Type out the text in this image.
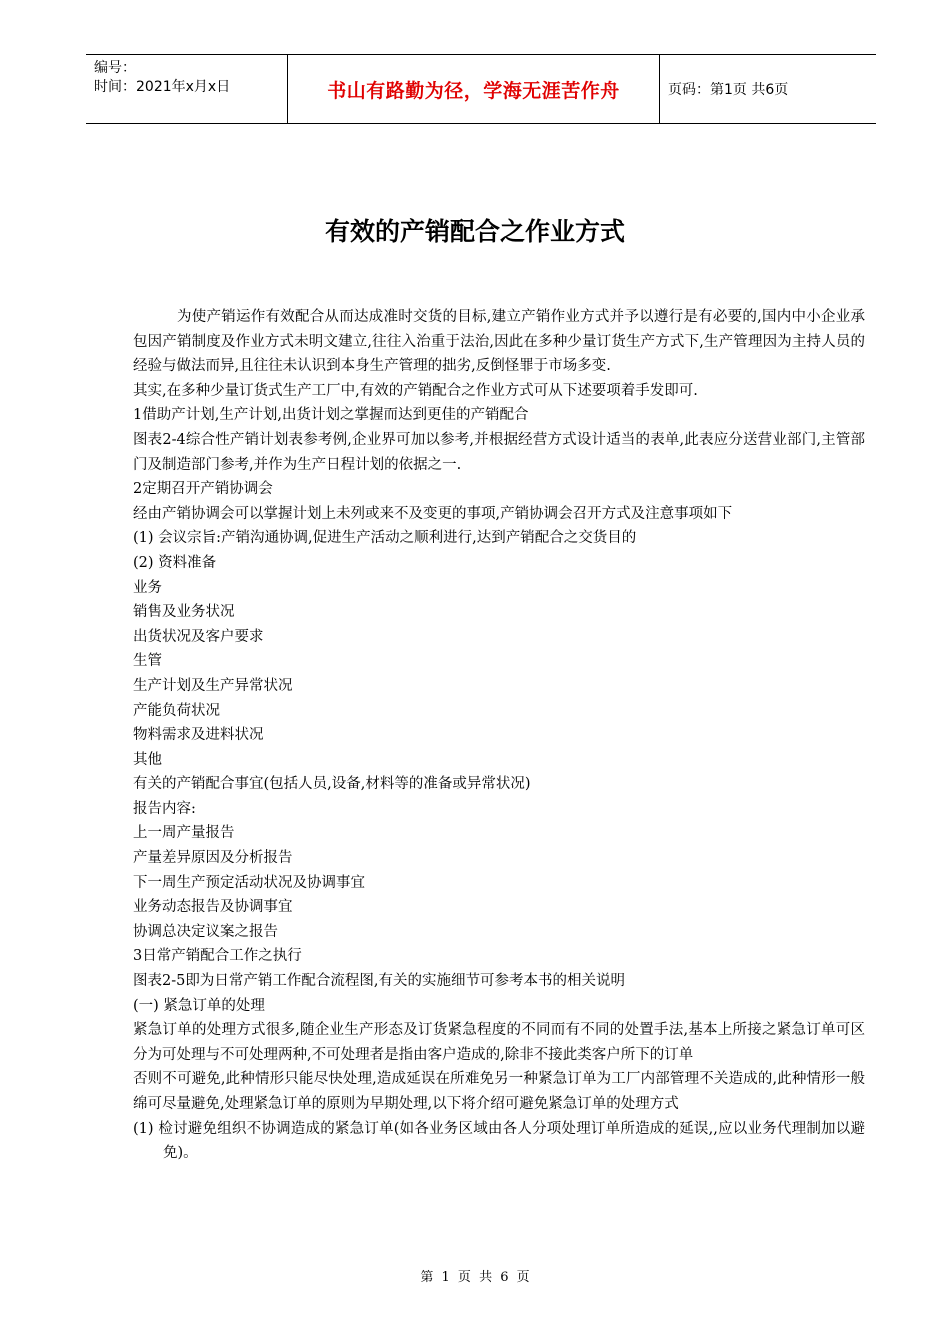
编号：
时间：2021年x月x日	书山有路勤为径，学海无涯苦作舟	页码：第1页 共6页
有效的产销配合之作业方式

为使产销运作有效配合从而达成准时交货的目标,建立产销作业方式并予以遵行是有必要的,国内中小企业承包因产销制度及作业方式未明文建立,往往入治重于法治,因此在多种少量订货生产方式下,生产管理因为主持人员的经验与做法而异,且往往未认识到本身生产管理的拙劣,反倒怪罪于市场多变.

其实,在多种少量订货式生产工厂中,有效的产销配合之作业方式可从下述要项着手发即可.

1借助产计划,生产计划,出货计划之掌握而达到更佳的产销配合

图表2-4综合性产销计划表参考例,企业界可加以参考,并根据经营方式设计适当的表单,此表应分送营业部门,主管部门及制造部门参考,并作为生产日程计划的依据之一.

2定期召开产销协调会

经由产销协调会可以掌握计划上未列或来不及变更的事项,产销协调会召开方式及注意事项如下

(1) 会议宗旨:产销沟通协调,促进生产活动之顺利进行,达到产销配合之交货目的

(2) 资料准备

业务

销售及业务状况

出货状况及客户要求

生管

生产计划及生产异常状况

产能负荷状况

物料需求及进料状况

其他

有关的产销配合事宜(包括人员,设备,材料等的准备或异常状况)

报告内容:

上一周产量报告

产量差异原因及分析报告

下一周生产预定活动状况及协调事宜

业务动态报告及协调事宜

协调总决定议案之报告

3日常产销配合工作之执行

图表2-5即为日常产销工作配合流程图,有关的实施细节可参考本书的相关说明

(一) 紧急订单的处理

紧急订单的处理方式很多,随企业生产形态及订货紧急程度的不同而有不同的处置手法,基本上所接之紧急订单可区分为可处理与不可处理两种,不可处理者是指由客户造成的,除非不接此类客户所下的订单

否则不可避免,此种情形只能尽快处理,造成延误在所难免另一种紧急订单为工厂内部管理不关造成的,此种情形一般绵可尽量避免,处理紧急订单的原则为早期处理,以下将介绍可避免紧急订单的处理方式

(1) 检讨避免组织不协调造成的紧急订单(如各业务区域由各人分项处理订单所造成的延误,,应以业务代理制加以避免)。

第 1 页 共 6 页
